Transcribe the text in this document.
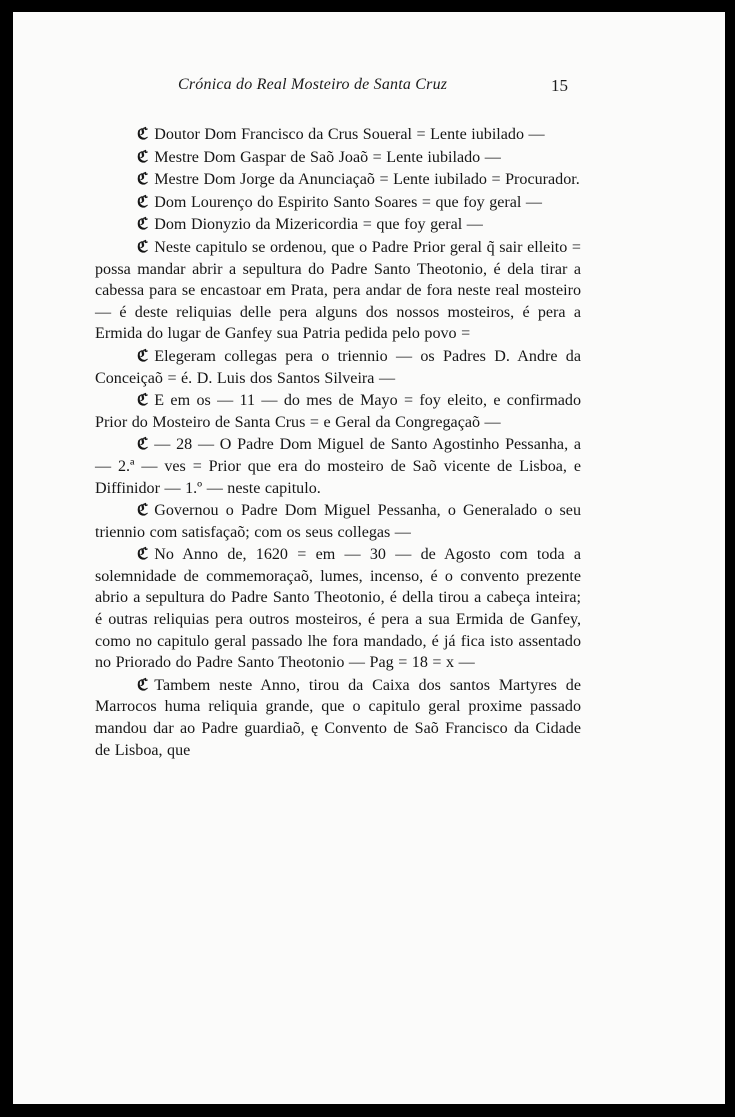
Crónica do Real Mosteiro de Santa Cruz	15

ℭ Doutor Dom Francisco da Crus Soueral = Lente iubilado —

ℭ Mestre Dom Gaspar de Saõ Joaõ = Lente iubilado —

ℭ Mestre Dom Jorge da Anunciaçaõ = Lente iubilado = Procurador.

ℭ Dom Lourenço do Espirito Santo Soares = que foy geral —

ℭ Dom Dionyzio da Mizericordia = que foy geral —

ℭ Neste capitulo se ordenou, que o Padre Prior geral q̃ sair elleito = possa mandar abrir a sepultura do Padre Santo Theotonio, é dela tirar a cabessa para se encastoar em Prata, pera andar de fora neste real mosteiro — é deste reliquias delle pera alguns dos nossos mosteiros, é pera a Ermida do lugar de Ganfey sua Patria pedida pelo povo =

ℭ Elegeram collegas pera o triennio — os Padres D. Andre da Conceiçaõ = é. D. Luis dos Santos Silveira —

ℭ E em os — 11 — do mes de Mayo = foy eleito, e confirmado Prior do Mosteiro de Santa Crus = e Geral da Congregaçaõ —

ℭ — 28 — O Padre Dom Miguel de Santo Agostinho Pessanha, a — 2.ª — ves = Prior que era do mosteiro de Saõ vicente de Lisboa, e Diffinidor — 1.º — neste capitulo.

ℭ Governou o Padre Dom Miguel Pessanha, o Generalado o seu triennio com satisfaçaõ; com os seus collegas —

ℭ No Anno de, 1620 = em — 30 — de Agosto com toda a solemnidade de commemoraçaõ, lumes, incenso, é o convento prezente abrio a sepultura do Padre Santo Theotonio, é della tirou a cabeça inteira; é outras reliquias pera outros mosteiros, é pera a sua Ermida de Ganfey, como no capitulo geral passado lhe fora mandado, é já fica isto assentado no Priorado do Padre Santo Theotonio — Pag = 18 = x —

ℭ Tambem neste Anno, tirou da Caixa dos santos Martyres de Marrocos huma reliquia grande, que o capitulo geral proxime passado mandou dar ao Padre guardiaõ, ę Convento de Saõ Francisco da Cidade de Lisboa, que
